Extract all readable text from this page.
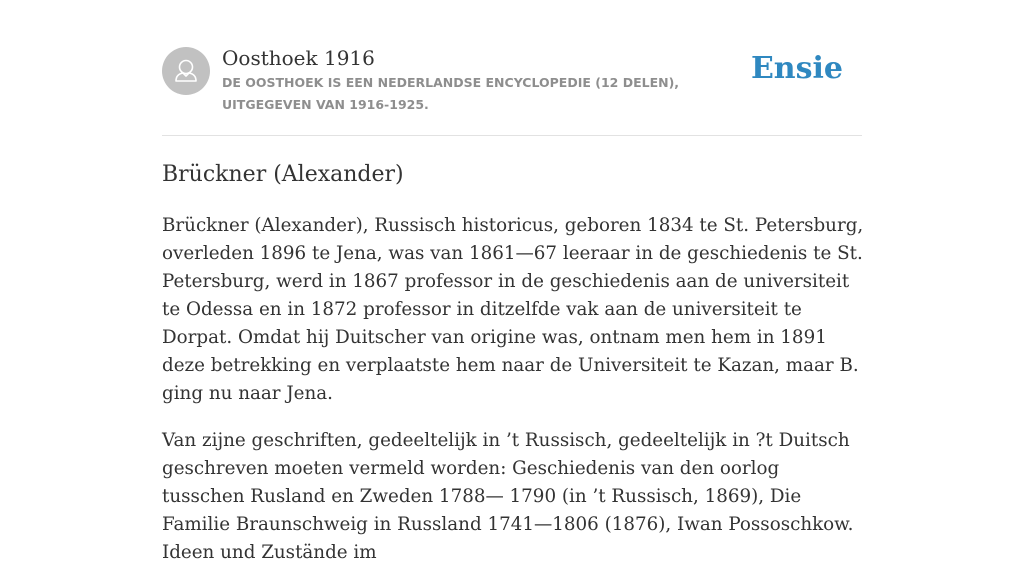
Oosthoek 1916
DE OOSTHOEK IS EEN NEDERLANDSE ENCYCLOPEDIE (12 DELEN), UITGEGEVEN VAN 1916-1925.
Ensie
Brückner (Alexander)

Brückner (Alexander), Russisch historicus, geboren 1834 te St. Petersburg, overleden 1896 te Jena, was van 1861—67 leeraar in de geschiedenis te St. Petersburg, werd in 1867 professor in de geschiedenis aan de universiteit te Odessa en in 1872 professor in ditzelfde vak aan de universiteit te Dorpat. Omdat hij Duitscher van origine was, ontnam men hem in 1891 deze betrekking en verplaatste hem naar de Universiteit te Kazan, maar B. ging nu naar Jena.

Van zijne geschriften, gedeeltelijk in ’t Russisch, gedeeltelijk in ?t Duitsch geschreven moeten vermeld worden: Geschiedenis van den oorlog tusschen Rusland en Zweden 1788— 1790 (in ’t Russisch, 1869), Die Familie Braunschweig in Russland 1741—1806 (1876), Iwan Possoschkow. Ideen und Zustände im
